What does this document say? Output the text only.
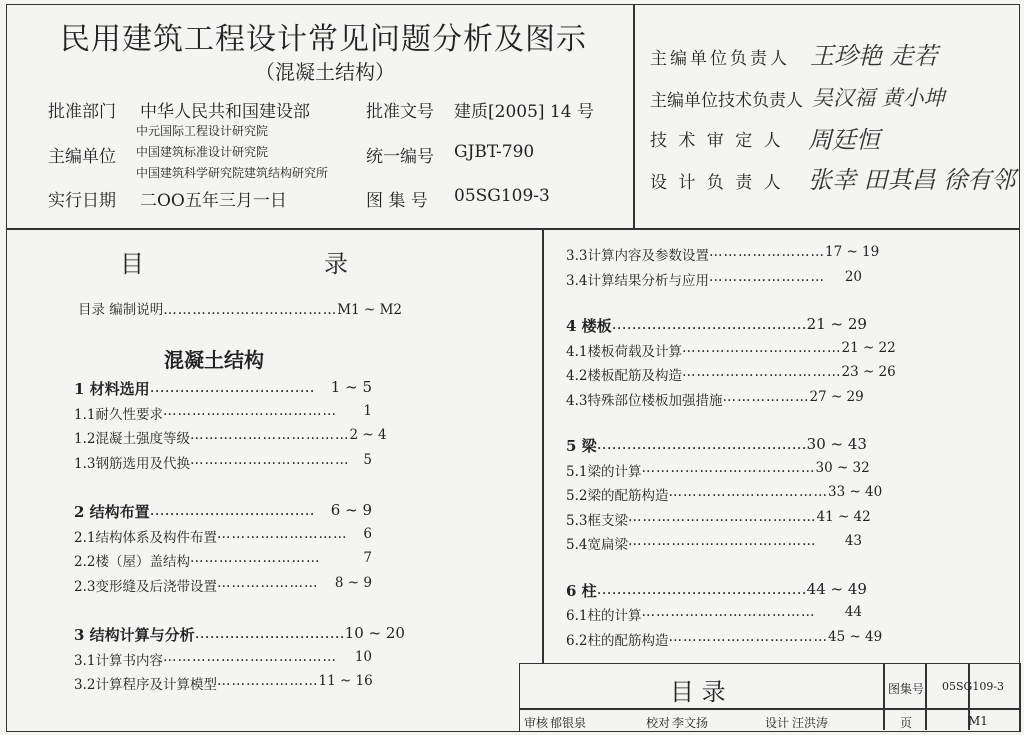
民用建筑工程设计常见问题分析及图示
（混凝土结构）
批准部门 中华人民共和国建设部	批准文号 建质[2005] 14 号
主编单位
中元国际工程设计研究院
中国建筑标准设计研究院
中国建筑科学研究院建筑结构研究所
统一编号 GJBT-790
实行日期 二OO五年三月一日	图 集 号 05SG109-3
主编单位负责人 王珍艳 走若
主编单位技术负责人 吴汉福 黄小坤
技 术 审 定 人 周廷恒
设 计 负 责 人 张幸 田其昌 徐有邻
目	录
目录 编制说明………………………………M1 ~ M2
混凝土结构
1 材料选用 ……………………………	1 ~ 5
1.1耐久性要求 ………………………………	1
1.2混凝土强度等级 …………………………… 2 ~ 4
1.3钢筋选用及代换 ……………………………	5
2 结构布置 ……………………………	6 ~ 9
2.1结构体系及构件布置 ………………………	6
2.2楼（屋）盖结构 ………………………	7
2.3变形缝及后浇带设置 …………………	8 ~ 9
3 结构计算与分析 ………………………… 10 ~ 20
3.1计算书内容 ………………………………	10
3.2计算程序及计算模型 ………………… 11 ~ 16
3.3计算内容及参数设置 …………………… 17 ~ 19
3.4计算结果分析与应用 ……………………	20
4 楼板 ………………………………… 21 ~ 29
4.1楼板荷载及计算 …………………………… 21 ~ 22
4.2楼板配筋及构造 …………………………… 23 ~ 26
4.3特殊部位楼板加强措施 ……………… 27 ~ 29
5 梁 …………………………………… 30 ~ 43
5.1梁的计算 ……………………………… 30 ~ 32
5.2梁的配筋构造 …………………………… 33 ~ 40
5.3框支梁 ………………………………… 41 ~ 42
5.4宽扁梁 …………………………………	43
6 柱 …………………………………… 44 ~ 49
6.1柱的计算 ………………………………	44
6.2柱的配筋构造 …………………………… 45 ~ 49
目 录	图集号 05SG109-3
审核 郁银泉	校对 李文扬	设计 汪洪涛	页	M1
